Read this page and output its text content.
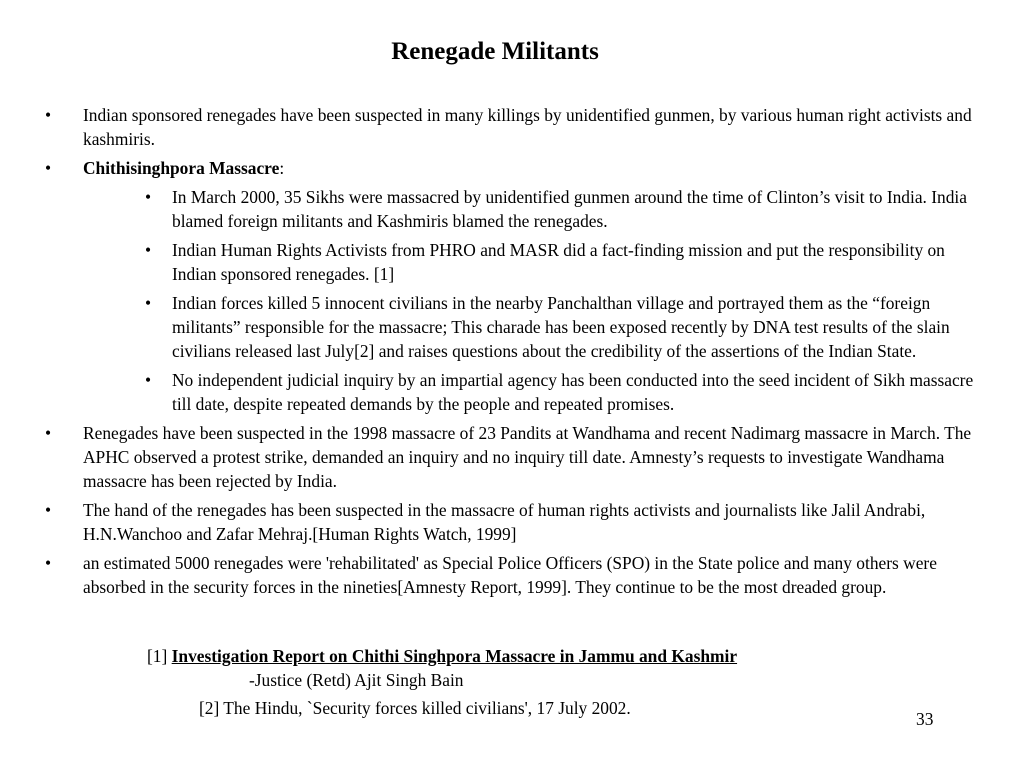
Renegade Militants
• Indian sponsored renegades have been suspected in many killings by unidentified gunmen, by various human right activists and kashmiris.
• Chithisinghpora Massacre:
• In March 2000, 35 Sikhs were massacred by unidentified gunmen around the time of Clinton’s visit to India. India blamed foreign militants and Kashmiris blamed the renegades.
• Indian Human Rights Activists from PHRO and MASR did a fact-finding mission and put the responsibility on Indian sponsored renegades. [1]
• Indian forces killed 5 innocent civilians in the nearby Panchalthan village and portrayed them as the “foreign militants” responsible for the massacre; This charade has been exposed recently by DNA test results of the slain civilians released last July[2] and raises questions about the credibility of the assertions of the Indian State.
• No independent judicial inquiry by an impartial agency has been conducted into the seed incident of Sikh massacre till date, despite repeated demands by the people and repeated promises.
• Renegades have been suspected in the 1998 massacre of 23 Pandits at Wandhama and recent Nadimarg massacre in March. The APHC observed a protest strike, demanded an inquiry and no inquiry till date. Amnesty’s requests to investigate Wandhama massacre has been rejected by India.
• The hand of the renegades has been suspected in the massacre of human rights activists and journalists like Jalil Andrabi, H.N.Wanchoo and Zafar Mehraj.[Human Rights Watch, 1999]
• an estimated 5000 renegades were 'rehabilitated' as Special Police Officers (SPO) in the State police and many others were absorbed in the security forces in the nineties[Amnesty Report, 1999]. They continue to be the most dreaded group.
[1] Investigation Report on Chithi Singhpora Massacre in Jammu and Kashmir
-Justice (Retd) Ajit Singh Bain
[2] The Hindu, `Security forces killed civilians', 17 July 2002.
33
